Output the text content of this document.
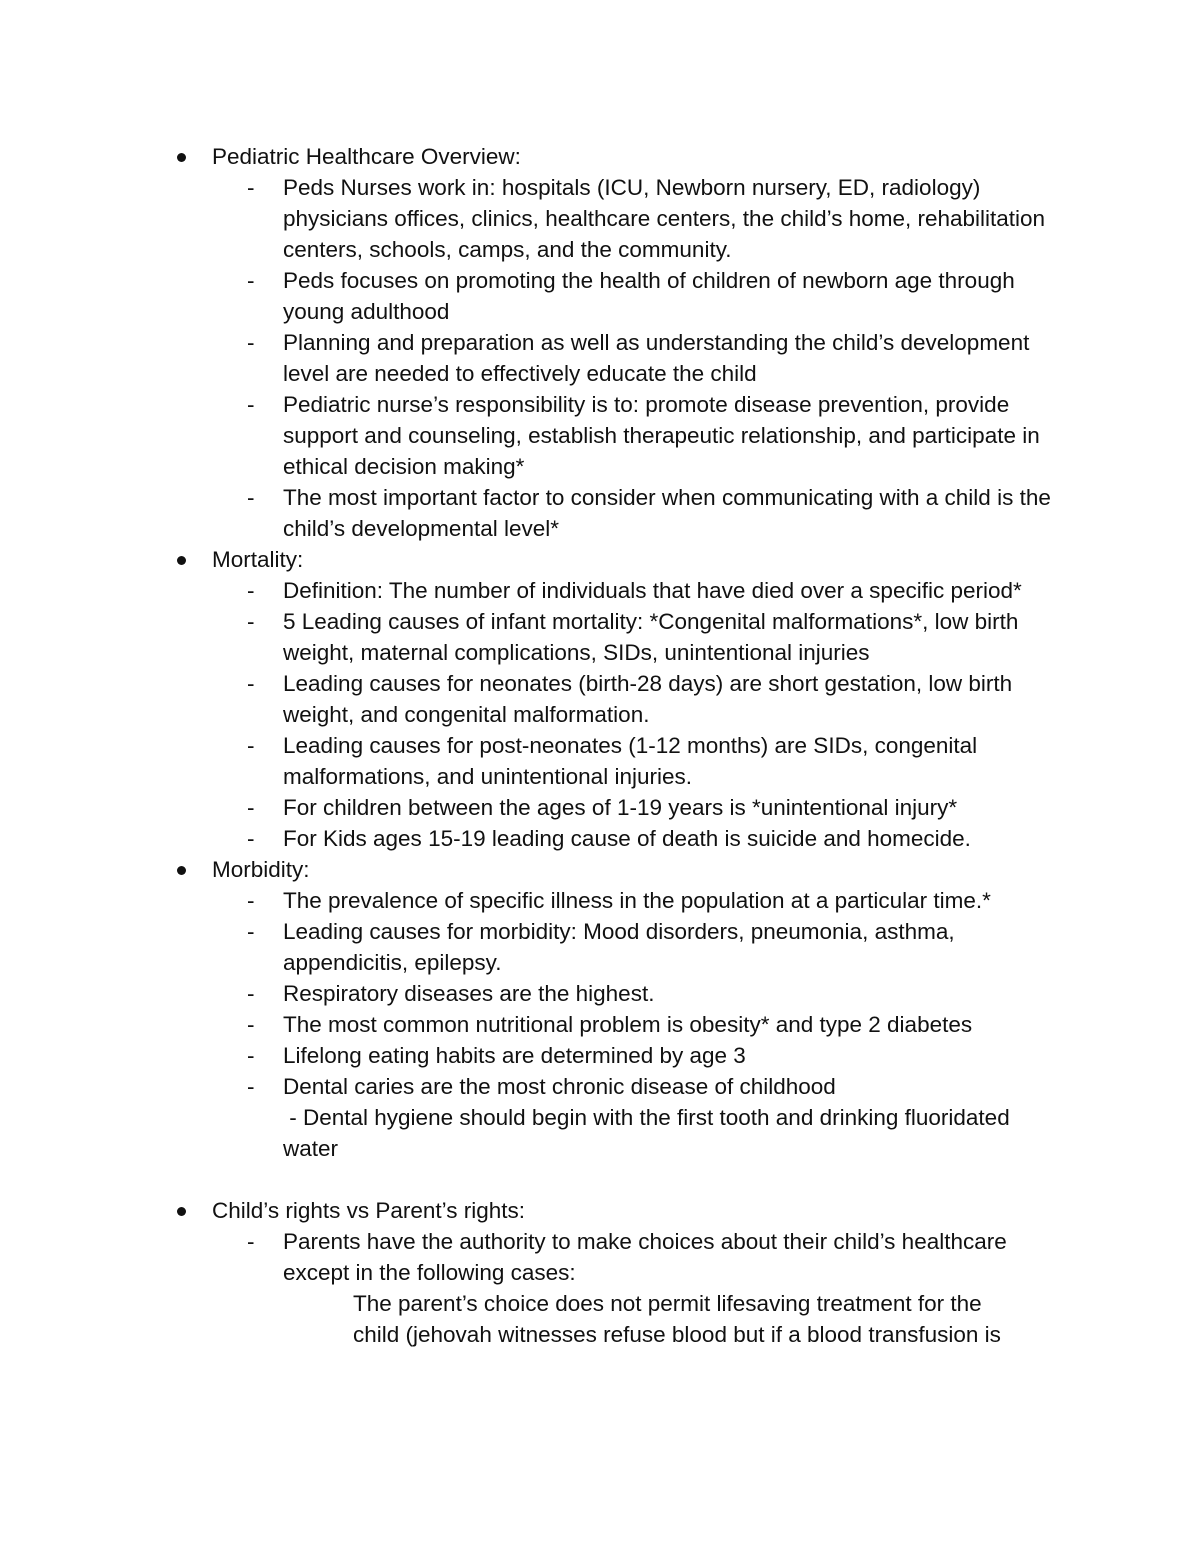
Pediatric Healthcare Overview:
- Peds Nurses work in: hospitals (ICU, Newborn nursery, ED, radiology) physicians offices, clinics, healthcare centers, the child’s home, rehabilitation centers, schools, camps, and the community.
- Peds focuses on promoting the health of children of newborn age through young adulthood
- Planning and preparation as well as understanding the child’s development level are needed to effectively educate the child
- Pediatric nurse’s responsibility is to: promote disease prevention, provide support and counseling, establish therapeutic relationship, and participate in ethical decision making*
- The most important factor to consider when communicating with a child is the child’s developmental level*
Mortality:
- Definition: The number of individuals that have died over a specific period*
- 5 Leading causes of infant mortality: *Congenital malformations*, low birth weight, maternal complications, SIDs, unintentional injuries
- Leading causes for neonates (birth-28 days) are short gestation, low birth weight, and congenital malformation.
- Leading causes for post-neonates (1-12 months) are SIDs, congenital malformations, and unintentional injuries.
- For children between the ages of 1-19 years is *unintentional injury*
- For Kids ages 15-19 leading cause of death is suicide and homecide.
Morbidity:
- The prevalence of specific illness in the population at a particular time.*
- Leading causes for morbidity: Mood disorders, pneumonia, asthma, appendicitis, epilepsy.
- Respiratory diseases are the highest.
- The most common nutritional problem is obesity* and type 2 diabetes
- Lifelong eating habits are determined by age 3
- Dental caries are the most chronic disease of childhood
- Dental hygiene should begin with the first tooth and drinking fluoridated
water
Child’s rights vs Parent’s rights:
- Parents have the authority to make choices about their child’s healthcare except in the following cases:
The parent’s choice does not permit lifesaving treatment for the child (jehovah witnesses refuse blood but if a blood transfusion is
